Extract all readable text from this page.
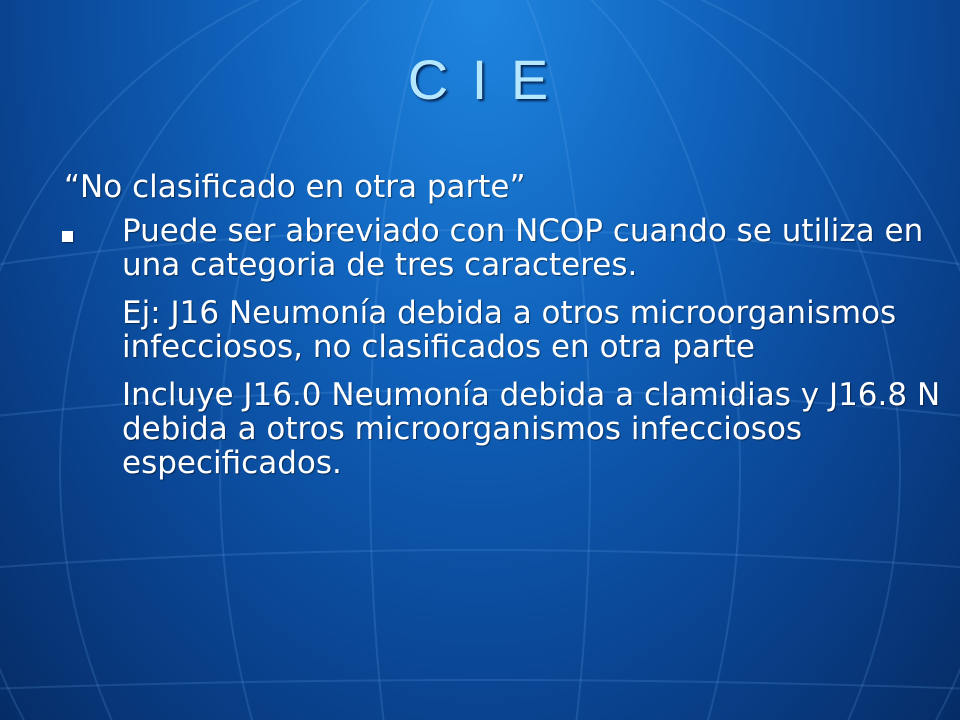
C I E
“No clasificado en otra parte”

Puede ser abreviado con NCOP cuando se utiliza en una categoria de tres caracteres.

Ej: J16 Neumonía debida a otros microorganismos infecciosos, no clasificados en otra parte

Incluye J16.0 Neumonía debida a clamidias y J16.8 N debida a otros microorganismos infecciosos especificados.
